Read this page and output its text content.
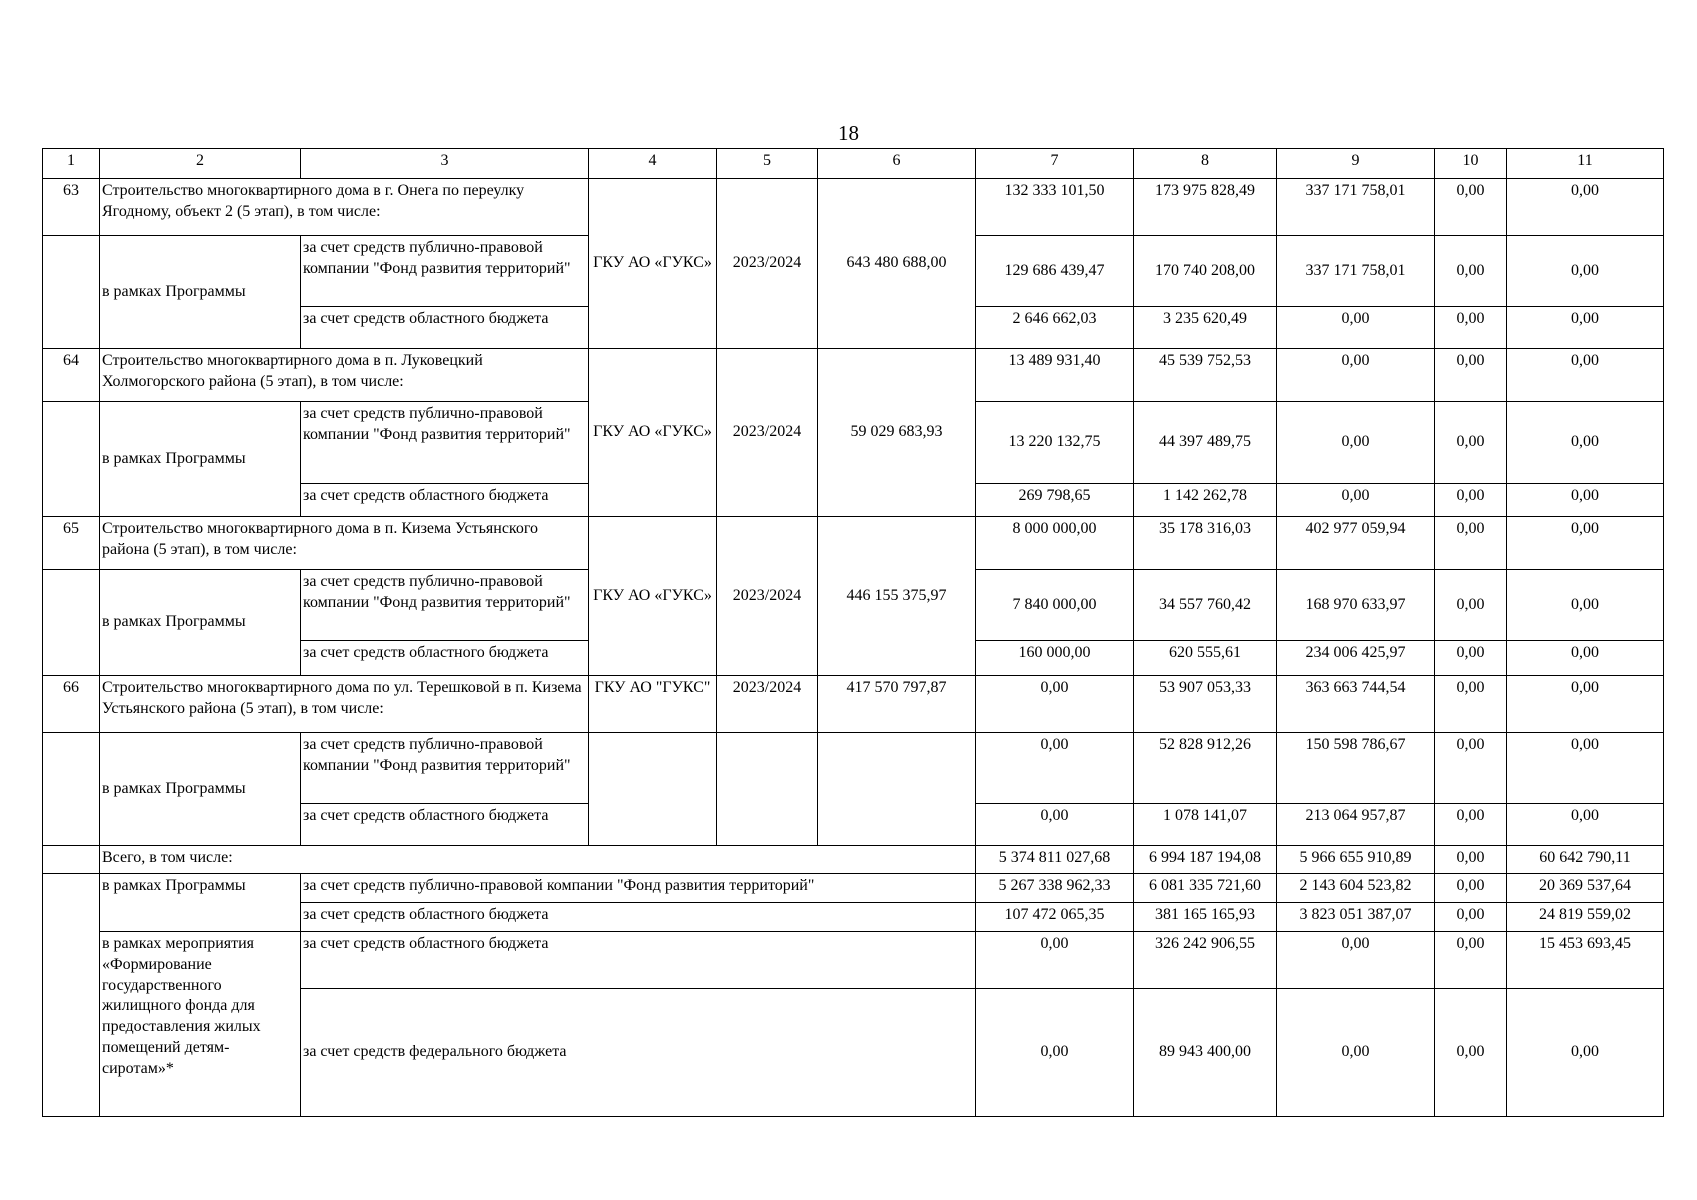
18
1	2	3	4	5	6	7	8	9	10	11
63	Строительство многоквартирного дома в г. Онега по переулку Ягодному, объект 2 (5 этап), в том числе:		ГКУ АО «ГУКС»	2023/2024	643 480 688,00	132 333 101,50	173 975 828,49	337 171 758,01	0,00	0,00
	в рамках Программы	за счет средств публично-правовой компании "Фонд развития территорий"				129 686 439,47	170 740 208,00	337 171 758,01	0,00	0,00
		за счет средств областного бюджета				2 646 662,03	3 235 620,49	0,00	0,00	0,00
64	Строительство многоквартирного дома в п. Луковецкий Холмогорского района (5 этап), в том числе:		ГКУ АО «ГУКС»	2023/2024	59 029 683,93	13 489 931,40	45 539 752,53	0,00	0,00	0,00
	в рамках Программы	за счет средств публично-правовой компании "Фонд развития территорий"				13 220 132,75	44 397 489,75	0,00	0,00	0,00
		за счет средств областного бюджета				269 798,65	1 142 262,78	0,00	0,00	0,00
65	Строительство многоквартирного дома в п. Кизема Устьянского района (5 этап), в том числе:		ГКУ АО «ГУКС»	2023/2024	446 155 375,97	8 000 000,00	35 178 316,03	402 977 059,94	0,00	0,00
	в рамках Программы	за счет средств публично-правовой компании "Фонд развития территорий"				7 840 000,00	34 557 760,42	168 970 633,97	0,00	0,00
		за счет средств областного бюджета				160 000,00	620 555,61	234 006 425,97	0,00	0,00
66	Строительство многоквартирного дома по ул. Терешковой в п. Кизема Устьянского района (5 этап), в том числе:		ГКУ АО "ГУКС"	2023/2024	417 570 797,87	0,00	53 907 053,33	363 663 744,54	0,00	0,00
	в рамках Программы	за счет средств публично-правовой компании "Фонд развития территорий"				0,00	52 828 912,26	150 598 786,67	0,00	0,00
		за счет средств областного бюджета				0,00	1 078 141,07	213 064 957,87	0,00	0,00
	Всего, в том числе:					5 374 811 027,68	6 994 187 194,08	5 966 655 910,89	0,00	60 642 790,11
	в рамках Программы	за счет средств публично-правовой компании "Фонд развития территорий"				5 267 338 962,33	6 081 335 721,60	2 143 604 523,82	0,00	20 369 537,64
		за счет средств областного бюджета				107 472 065,35	381 165 165,93	3 823 051 387,07	0,00	24 819 559,02
	в рамках мероприятия «Формирование государственного жилищного фонда для предоставления жилых помещений детям-сиротам»*	за счет средств областного бюджета				0,00	326 242 906,55	0,00	0,00	15 453 693,45
		за счет средств федерального бюджета				0,00	89 943 400,00	0,00	0,00	0,00
